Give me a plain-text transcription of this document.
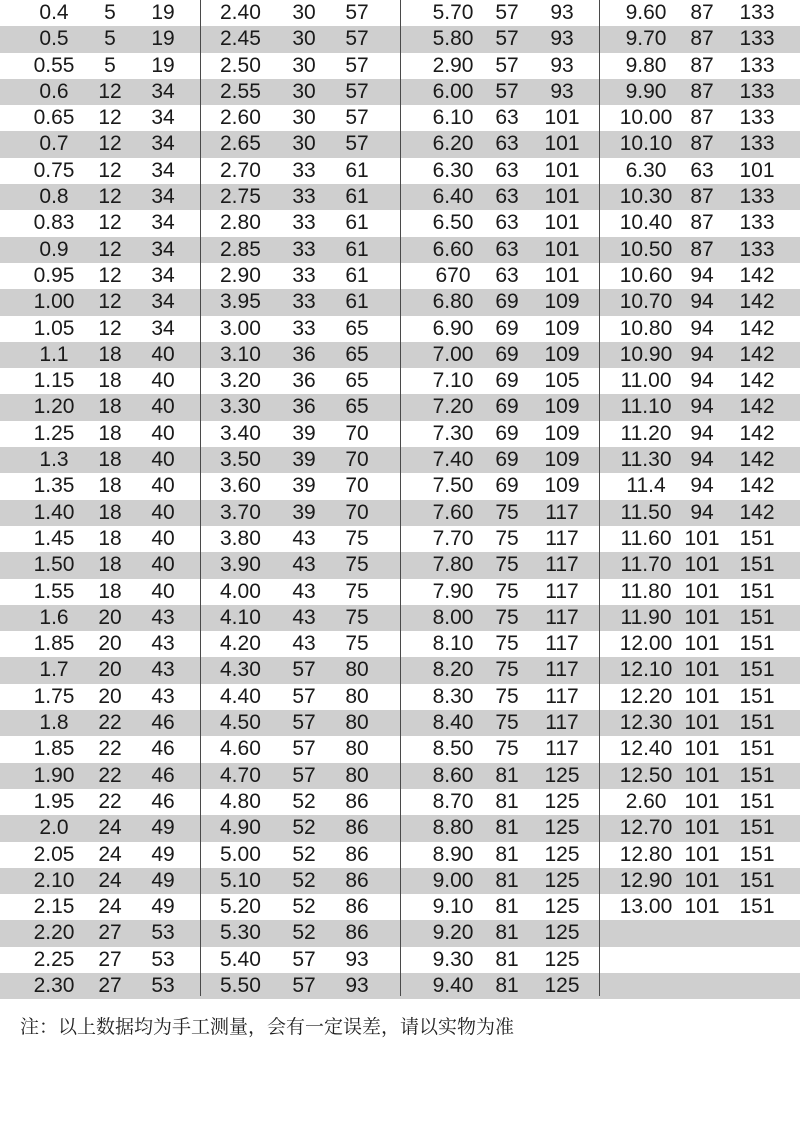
0.4	5	19	2.40	30	57	5.70	57	93	9.60	87	133
0.5	5	19	2.45	30	57	5.80	57	93	9.70	87	133
0.55	5	19	2.50	30	57	2.90	57	93	9.80	87	133
0.6	12	34	2.55	30	57	6.00	57	93	9.90	87	133
0.65	12	34	2.60	30	57	6.10	63	101	10.00 87	133
0.7	12	34	2.65	30	57	6.20	63	101	10.10 87	133
0.75	12	34	2.70	33	61	6.30	63	101	6.30	63	101
0.8	12	34	2.75	33	61	6.40	63	101	10.30 87	133
0.83	12	34	2.80	33	61	6.50	63	101	10.40 87	133
0.9	12	34	2.85	33	61	6.60	63	101	10.50 87	133
0.95	12	34	2.90	33	61	670	63	101	10.60 94	142
1.00	12	34	3.95	33	61	6.80	69	109	10.70 94	142
1.05	12	34	3.00	33	65	6.90	69	109	10.80 94	142
1.1	18	40	3.10	36	65	7.00	69	109	10.90 94	142
1.15	18	40	3.20	36	65	7.10	69	105	11.00 94	142
1.20	18	40	3.30	36	65	7.20	69	109	11.10 94	142
1.25	18	40	3.40	39	70	7.30	69	109	11.20 94	142
1.3	18	40	3.50	39	70	7.40	69	109	11.30 94	142
1.35	18	40	3.60	39	70	7.50	69	109	11.4	94	142
1.40	18	40	3.70	39	70	7.60	75	117	11.50 94	142
1.45	18	40	3.80	43	75	7.70	75	117	11.60 101 151
1.50	18	40	3.90	43	75	7.80	75	117	11.70 101 151
1.55	18	40	4.00	43	75	7.90	75	117	11.80 101 151
1.6	20	43	4.10	43	75	8.00	75	117	11.90 101 151
1.85	20	43	4.20	43	75	8.10	75	117	12.00 101 151
1.7	20	43	4.30	57	80	8.20	75	117	12.10 101 151
1.75	20	43	4.40	57	80	8.30	75	117	12.20 101 151
1.8	22	46	4.50	57	80	8.40	75	117	12.30 101 151
1.85	22	46	4.60	57	80	8.50	75	117	12.40 101 151
1.90	22	46	4.70	57	80	8.60	81	125	12.50 101 151
1.95	22	46	4.80	52	86	8.70	81	125	2.60 101 151
2.0	24	49	4.90	52	86	8.80	81	125	12.70 101 151
2.05	24	49	5.00	52	86	8.90	81	125	12.80 101 151
2.10	24	49	5.10	52	86	9.00	81	125	12.90 101 151
2.15	24	49	5.20	52	86	9.10	81	125	13.00 101 151
2.20	27	53	5.30	52	86	9.20	81	125
2.25	27	53	5.40	57	93	9.30	81	125
2.30	27	53	5.50	57	93	9.40	81	125
注：以上数据均为手工测量，会有一定误差，请以实物为准
